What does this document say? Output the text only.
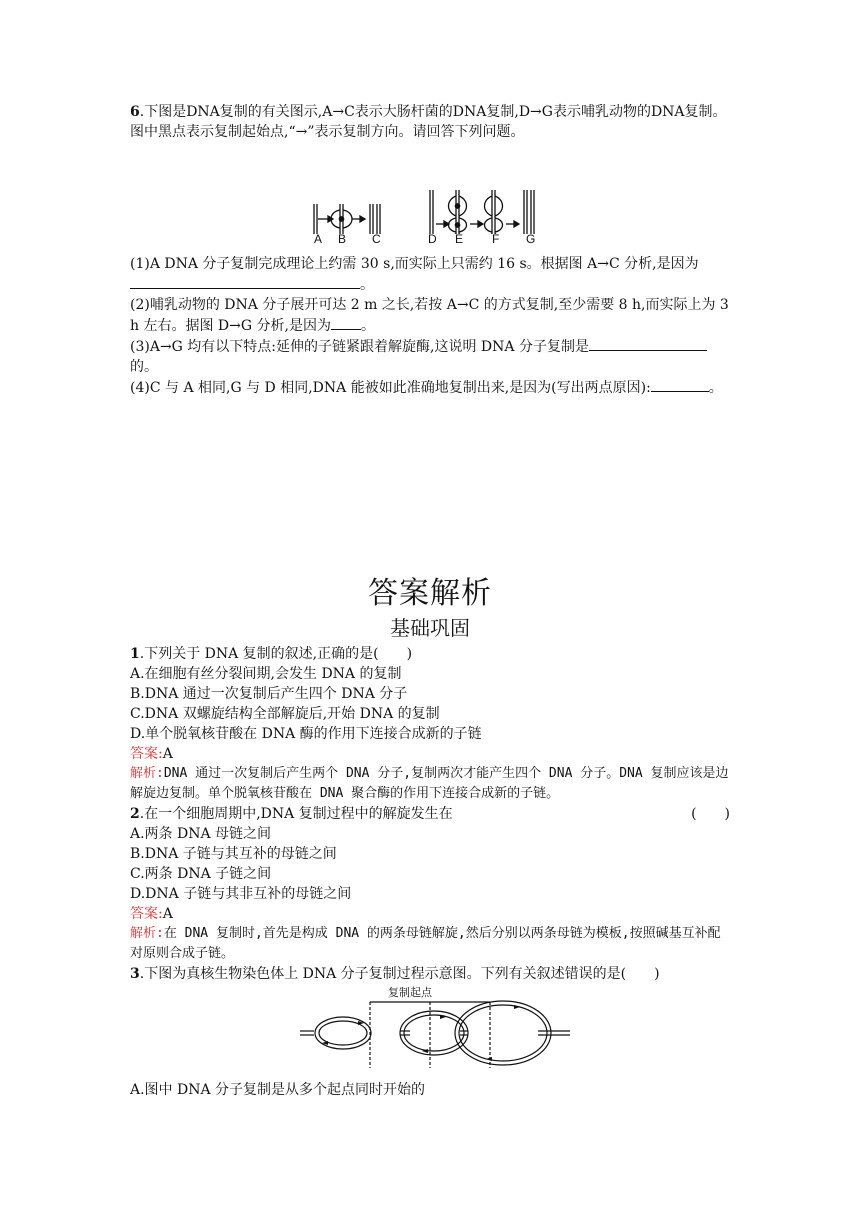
6.下图是DNA复制的有关图示,A→C表示大肠杆菌的DNA复制,D→G表示哺乳动物的DNA复制。图中黑点表示复制起始点,“→”表示复制方向。请回答下列问题。

A B C	D E F G

(1)A DNA 分子复制完成理论上约需 30 s,而实际上只需约 16 s。根据图 A→C 分析,是因为。

(2)哺乳动物的 DNA 分子展开可达 2 m 之长,若按 A→C 的方式复制,至少需要 8 h,而实际上为 3 h 左右。据图 D→G 分析,是因为 。

(3)A→G 均有以下特点:延伸的子链紧跟着解旋酶,这说明 DNA 分子复制是
的。

(4)C 与 A 相同,G 与 D 相同,DNA 能被如此准确地复制出来,是因为(写出两点原因):	。

答案解析
基础巩固

1.下列关于 DNA 复制的叙述,正确的是(　　)

A.在细胞有丝分裂间期,会发生 DNA 的复制

B.DNA 通过一次复制后产生四个 DNA 分子

C.DNA 双螺旋结构全部解旋后,开始 DNA 的复制

D.单个脱氧核苷酸在 DNA 酶的作用下连接合成新的子链

答案:A

解析:DNA 通过一次复制后产生两个 DNA 分子,复制两次才能产生四个 DNA 分子。DNA 复制应该是边解旋边复制。单个脱氧核苷酸在 DNA 聚合酶的作用下连接合成新的子链。

2.在一个细胞周期中,DNA 复制过程中的解旋发生在	(　　)

A.两条 DNA 母链之间

B.DNA 子链与其互补的母链之间

C.两条 DNA 子链之间

D.DNA 子链与其非互补的母链之间

答案:A

解析:在 DNA 复制时,首先是构成 DNA 的两条母链解旋,然后分别以两条母链为模板,按照碱基互补配对原则合成子链。

3.下图为真核生物染色体上 DNA 分子复制过程示意图。下列有关叙述错误的是(　　)

复制起点

A.图中 DNA 分子复制是从多个起点同时开始的
